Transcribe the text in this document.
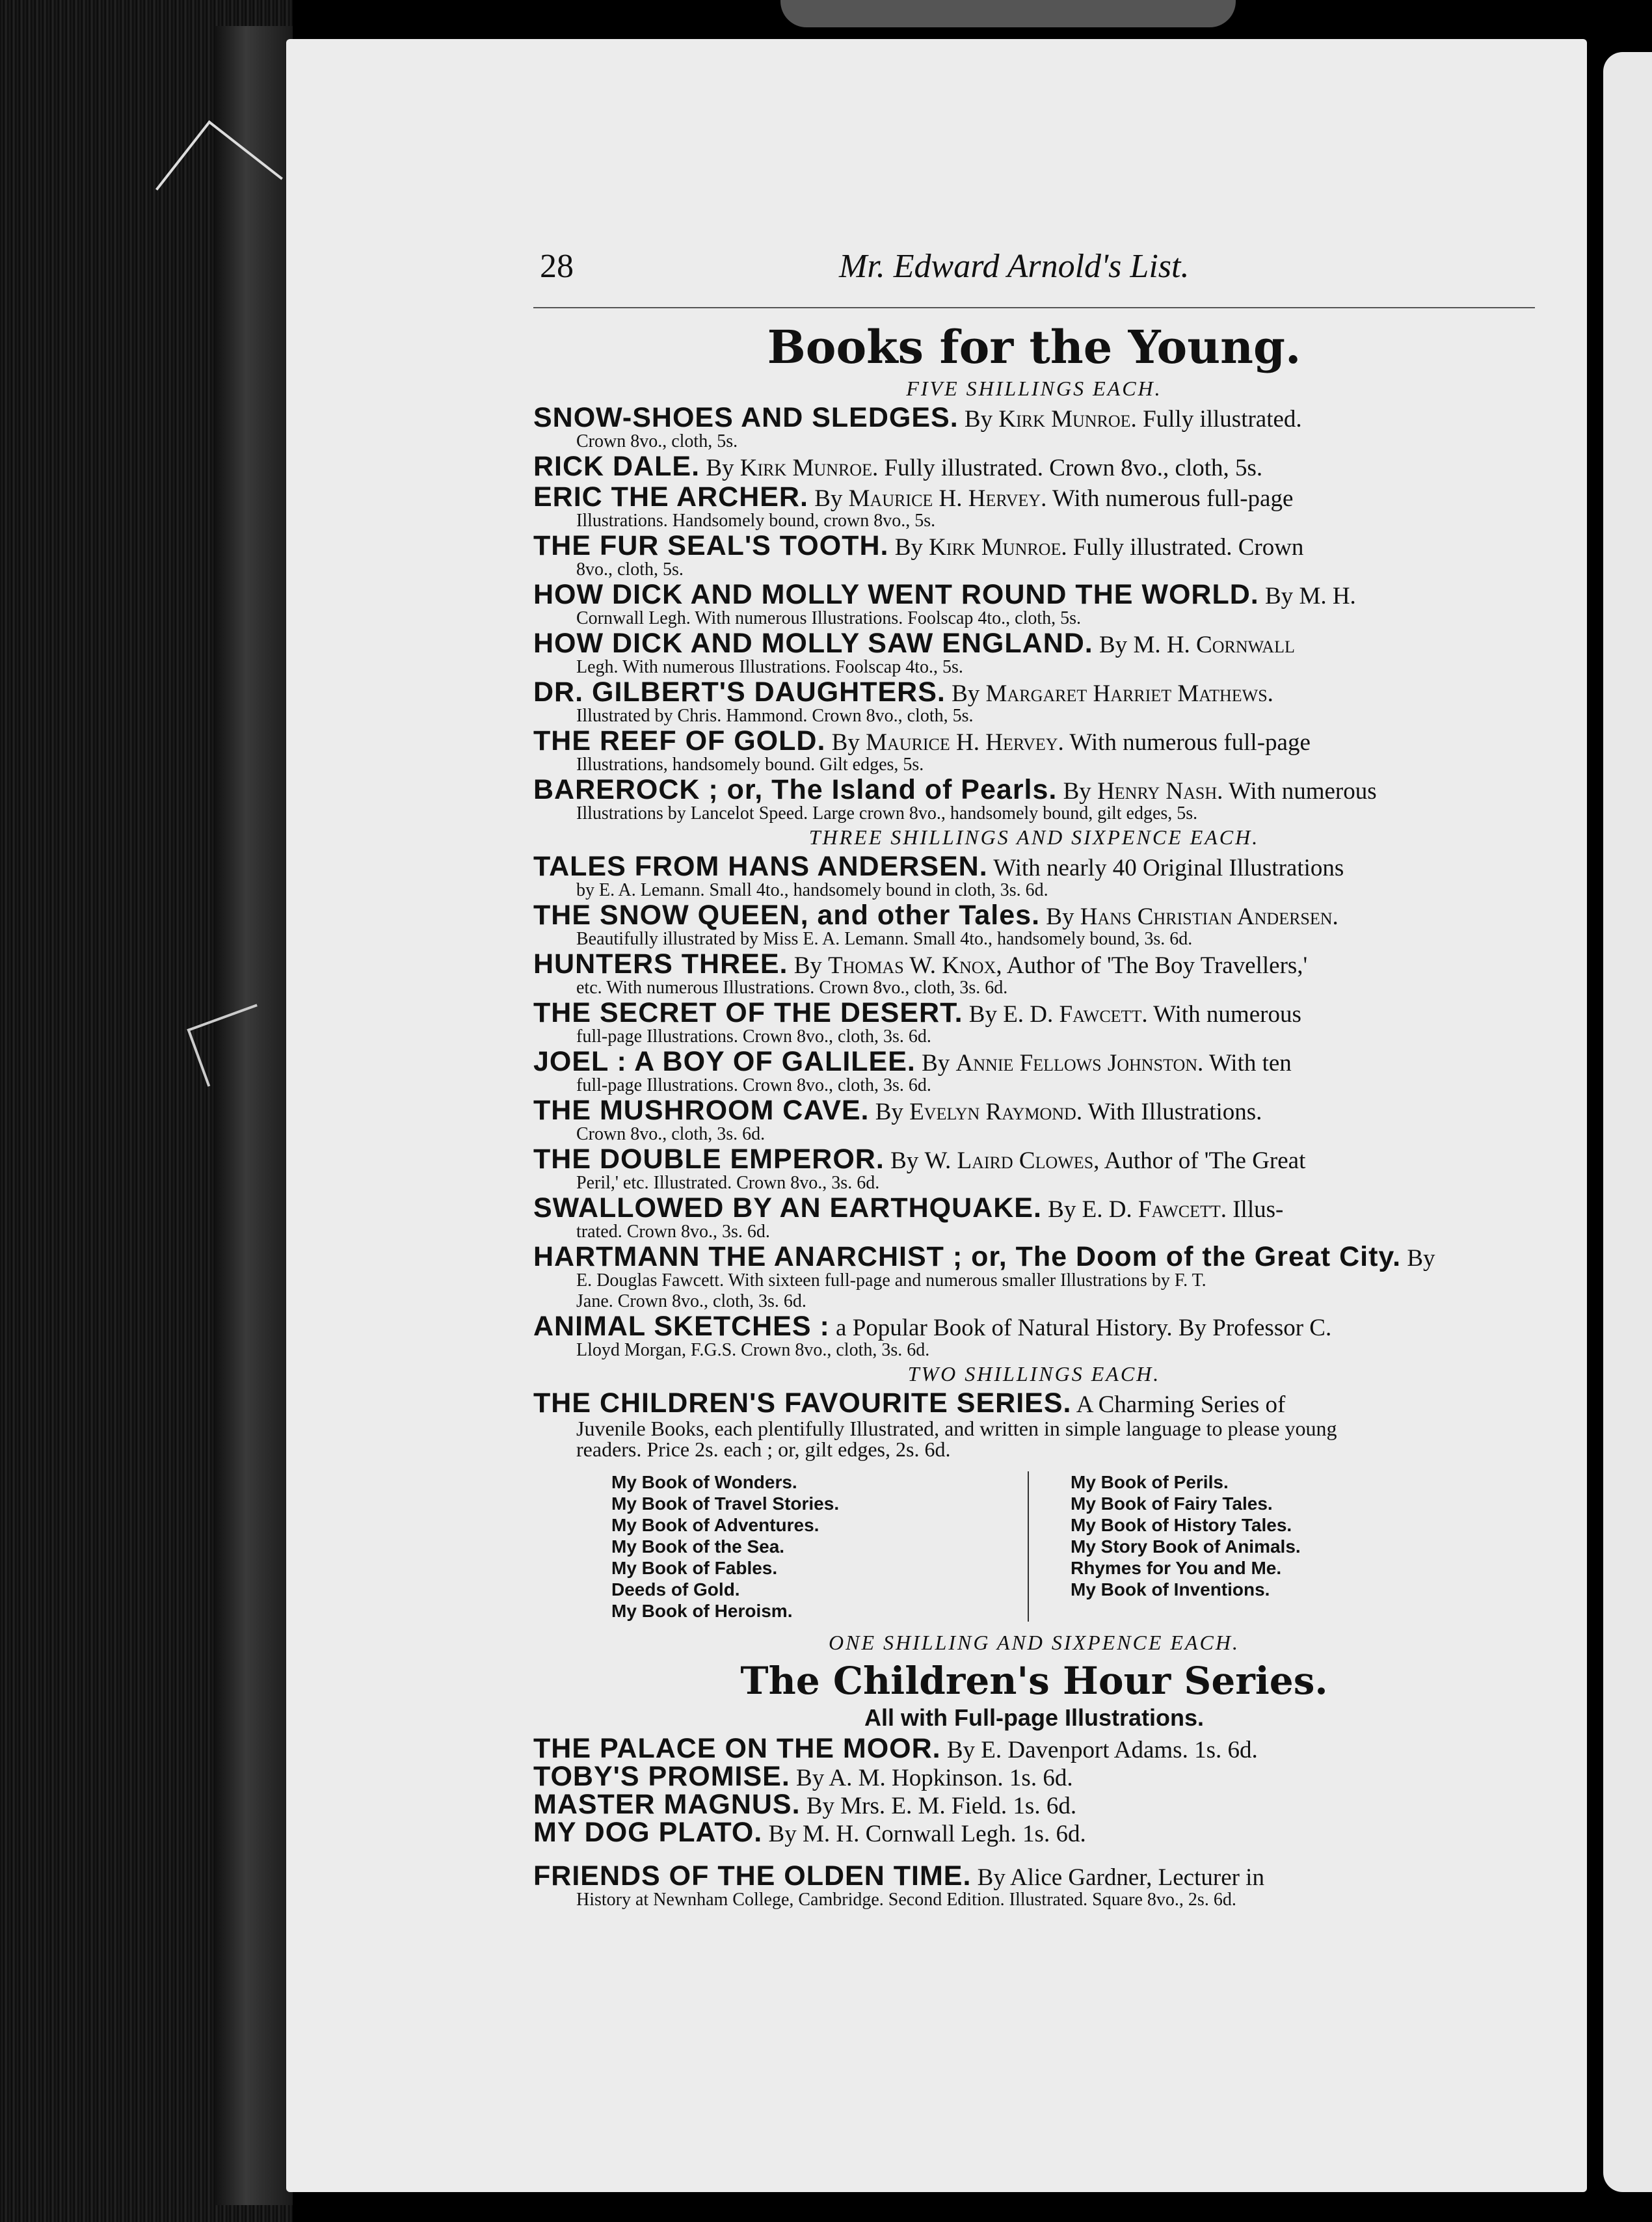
28	Mr. Edward Arnold's List.
Books for the Young.
FIVE SHILLINGS EACH.
SNOW-SHOES AND SLEDGES. By Kirk Munroe. Fully illustrated.
Crown 8vo., cloth, 5s.
RICK DALE. By Kirk Munroe. Fully illustrated. Crown 8vo., cloth, 5s.
ERIC THE ARCHER. By Maurice H. Hervey. With numerous full-page
Illustrations. Handsomely bound, crown 8vo., 5s.
THE FUR SEAL'S TOOTH. By Kirk Munroe. Fully illustrated. Crown
8vo., cloth, 5s.
HOW DICK AND MOLLY WENT ROUND THE WORLD. By M. H.
Cornwall Legh. With numerous Illustrations. Foolscap 4to., cloth, 5s.
HOW DICK AND MOLLY SAW ENGLAND. By M. H. Cornwall
Legh. With numerous Illustrations. Foolscap 4to., 5s.
DR. GILBERT'S DAUGHTERS. By Margaret Harriet Mathews.
Illustrated by Chris. Hammond. Crown 8vo., cloth, 5s.
THE REEF OF GOLD. By Maurice H. Hervey. With numerous full-page
Illustrations, handsomely bound. Gilt edges, 5s.
BAREROCK ; or, The Island of Pearls. By Henry Nash. With numerous
Illustrations by Lancelot Speed. Large crown 8vo., handsomely bound, gilt edges, 5s.
THREE SHILLINGS AND SIXPENCE EACH.
TALES FROM HANS ANDERSEN. With nearly 40 Original Illustrations
by E. A. Lemann. Small 4to., handsomely bound in cloth, 3s. 6d.
THE SNOW QUEEN, and other Tales. By Hans Christian Andersen.
Beautifully illustrated by Miss E. A. Lemann. Small 4to., handsomely bound, 3s. 6d.
HUNTERS THREE. By Thomas W. Knox, Author of 'The Boy Travellers,'
etc. With numerous Illustrations. Crown 8vo., cloth, 3s. 6d.
THE SECRET OF THE DESERT. By E. D. Fawcett. With numerous
full-page Illustrations. Crown 8vo., cloth, 3s. 6d.
JOEL : A BOY OF GALILEE. By Annie Fellows Johnston. With ten
full-page Illustrations. Crown 8vo., cloth, 3s. 6d.
THE MUSHROOM CAVE. By Evelyn Raymond. With Illustrations.
Crown 8vo., cloth, 3s. 6d.
THE DOUBLE EMPEROR. By W. Laird Clowes, Author of 'The Great
Peril,' etc. Illustrated. Crown 8vo., 3s. 6d.
SWALLOWED BY AN EARTHQUAKE. By E. D. Fawcett. Illus-
trated. Crown 8vo., 3s. 6d.
HARTMANN THE ANARCHIST ; or, The Doom of the Great City. By
E. Douglas Fawcett. With sixteen full-page and numerous smaller Illustrations by F. T.
Jane. Crown 8vo., cloth, 3s. 6d.
ANIMAL SKETCHES : a Popular Book of Natural History. By Professor C.
Lloyd Morgan, F.G.S. Crown 8vo., cloth, 3s. 6d.
TWO SHILLINGS EACH.
THE CHILDREN'S FAVOURITE SERIES. A Charming Series of
Juvenile Books, each plentifully Illustrated, and written in simple language to please young
readers. Price 2s. each ; or, gilt edges, 2s. 6d.
My Book of Wonders.
My Book of Travel Stories.
My Book of Adventures.
My Book of the Sea.
My Book of Fables.
Deeds of Gold.
My Book of Heroism.
My Book of Perils.
My Book of Fairy Tales.
My Book of History Tales.
My Story Book of Animals.
Rhymes for You and Me.
My Book of Inventions.
ONE SHILLING AND SIXPENCE EACH.
The Children's Hour Series.
All with Full-page Illustrations.
THE PALACE ON THE MOOR. By E. Davenport Adams. 1s. 6d.
TOBY'S PROMISE. By A. M. Hopkinson. 1s. 6d.
MASTER MAGNUS. By Mrs. E. M. Field. 1s. 6d.
MY DOG PLATO. By M. H. Cornwall Legh. 1s. 6d.
FRIENDS OF THE OLDEN TIME. By Alice Gardner, Lecturer in
History at Newnham College, Cambridge. Second Edition. Illustrated. Square 8vo., 2s. 6d.
